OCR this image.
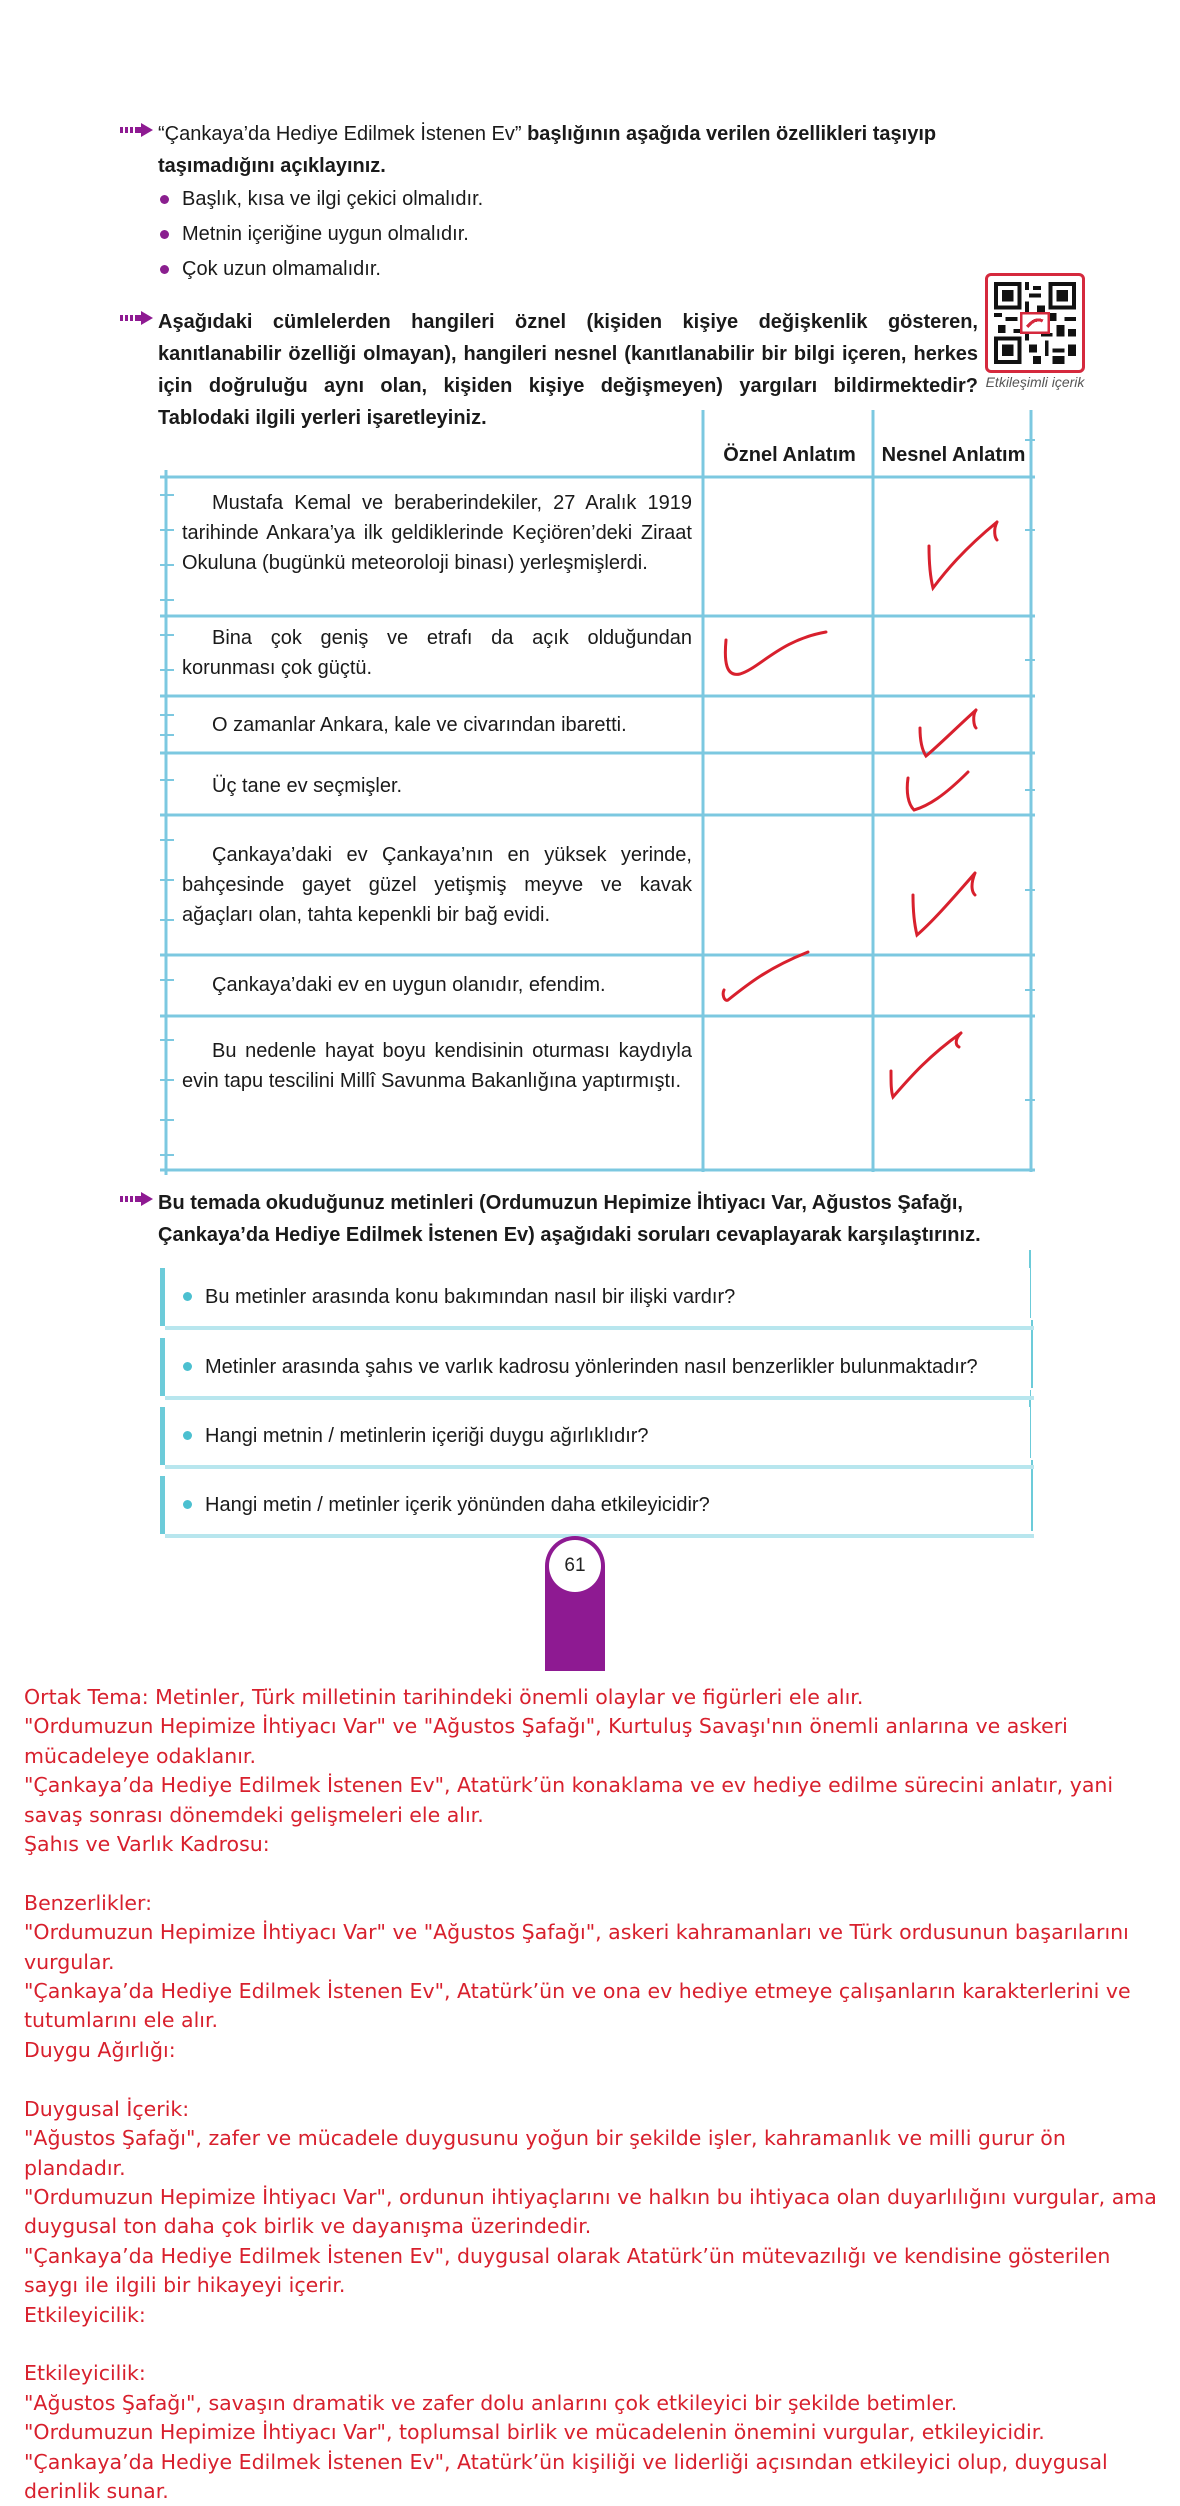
“Çankaya’da Hediye Edilmek İstenen Ev” başlığının aşağıda verilen özellikleri taşıyıp taşımadığını açıklayınız.
Başlık, kısa ve ilgi çekici olmalıdır.
Metnin içeriğine uygun olmalıdır.
Çok uzun olmamalıdır.
Aşağıdaki cümlelerden hangileri öznel (kişiden kişiye değişkenlik gösteren, kanıtlanabilir özelliği olmayan), hangileri nesnel (kanıtlanabilir bir bilgi içeren, herkes için doğruluğu aynı olan, kişiden kişiye değişmeyen) yargıları bildirmektedir? Tablodaki ilgili yerleri işaretleyiniz.
Etkileşimli içerik
Öznel Anlatım	Nesnel Anlatım
Mustafa Kemal ve beraberindekiler, 27 Aralık 1919 tarihinde Ankara’ya ilk geldiklerinde Keçiören’deki Ziraat Okuluna (bugünkü meteoroloji binası) yerleşmişlerdi.
Bina çok geniş ve etrafı da açık olduğundan korunması çok güçtü.
O zamanlar Ankara, kale ve civarından ibaretti.
Üç tane ev seçmişler.
Çankaya’daki ev Çankaya’nın en yüksek yerinde, bahçesinde gayet güzel yetişmiş meyve ve kavak ağaçları olan, tahta kepenkli bir bağ evidi.
Çankaya’daki ev en uygun olanıdır, efendim.
Bu nedenle hayat boyu kendisinin oturması kaydıyla evin tapu tescilini Millî Savunma Bakanlığına yaptırmıştı.
Bu temada okuduğunuz metinleri (Ordumuzun Hepimize İhtiyacı Var, Ağustos Şafağı, Çankaya’da Hediye Edilmek İstenen Ev) aşağıdaki soruları cevaplayarak karşılaştırınız.
Bu metinler arasında konu bakımından nasıl bir ilişki vardır?
Metinler arasında şahıs ve varlık kadrosu yönlerinden nasıl benzerlikler bulunmaktadır?
Hangi metnin / metinlerin içeriği duygu ağırlıklıdır?
Hangi metin / metinler içerik yönünden daha etkileyicidir?
61

Ortak Tema: Metinler, Türk milletinin tarihindeki önemli olaylar ve figürleri ele alır.

"Ordumuzun Hepimize İhtiyacı Var" ve "Ağustos Şafağı", Kurtuluş Savaşı'nın önemli anlarına ve askeri mücadeleye odaklanır.

"Çankaya’da Hediye Edilmek İstenen Ev", Atatürk’ün konaklama ve ev hediye edilme sürecini anlatır, yani savaş sonrası dönemdeki gelişmeleri ele alır.

Şahıs ve Varlık Kadrosu:

Benzerlikler:

"Ordumuzun Hepimize İhtiyacı Var" ve "Ağustos Şafağı", askeri kahramanları ve Türk ordusunun başarılarını vurgular.

"Çankaya’da Hediye Edilmek İstenen Ev", Atatürk’ün ve ona ev hediye etmeye çalışanların karakterlerini ve tutumlarını ele alır.

Duygu Ağırlığı:

Duygusal İçerik:

"Ağustos Şafağı", zafer ve mücadele duygusunu yoğun bir şekilde işler, kahramanlık ve milli gurur ön plandadır.

"Ordumuzun Hepimize İhtiyacı Var", ordunun ihtiyaçlarını ve halkın bu ihtiyaca olan duyarlılığını vurgular, ama duygusal ton daha çok birlik ve dayanışma üzerindedir.

"Çankaya’da Hediye Edilmek İstenen Ev", duygusal olarak Atatürk’ün mütevazılığı ve kendisine gösterilen saygı ile ilgili bir hikayeyi içerir.

Etkileyicilik:

Etkileyicilik:

"Ağustos Şafağı", savaşın dramatik ve zafer dolu anlarını çok etkileyici bir şekilde betimler.

"Ordumuzun Hepimize İhtiyacı Var", toplumsal birlik ve mücadelenin önemini vurgular, etkileyicidir.

"Çankaya’da Hediye Edilmek İstenen Ev", Atatürk’ün kişiliği ve liderliği açısından etkileyici olup, duygusal derinlik sunar.
